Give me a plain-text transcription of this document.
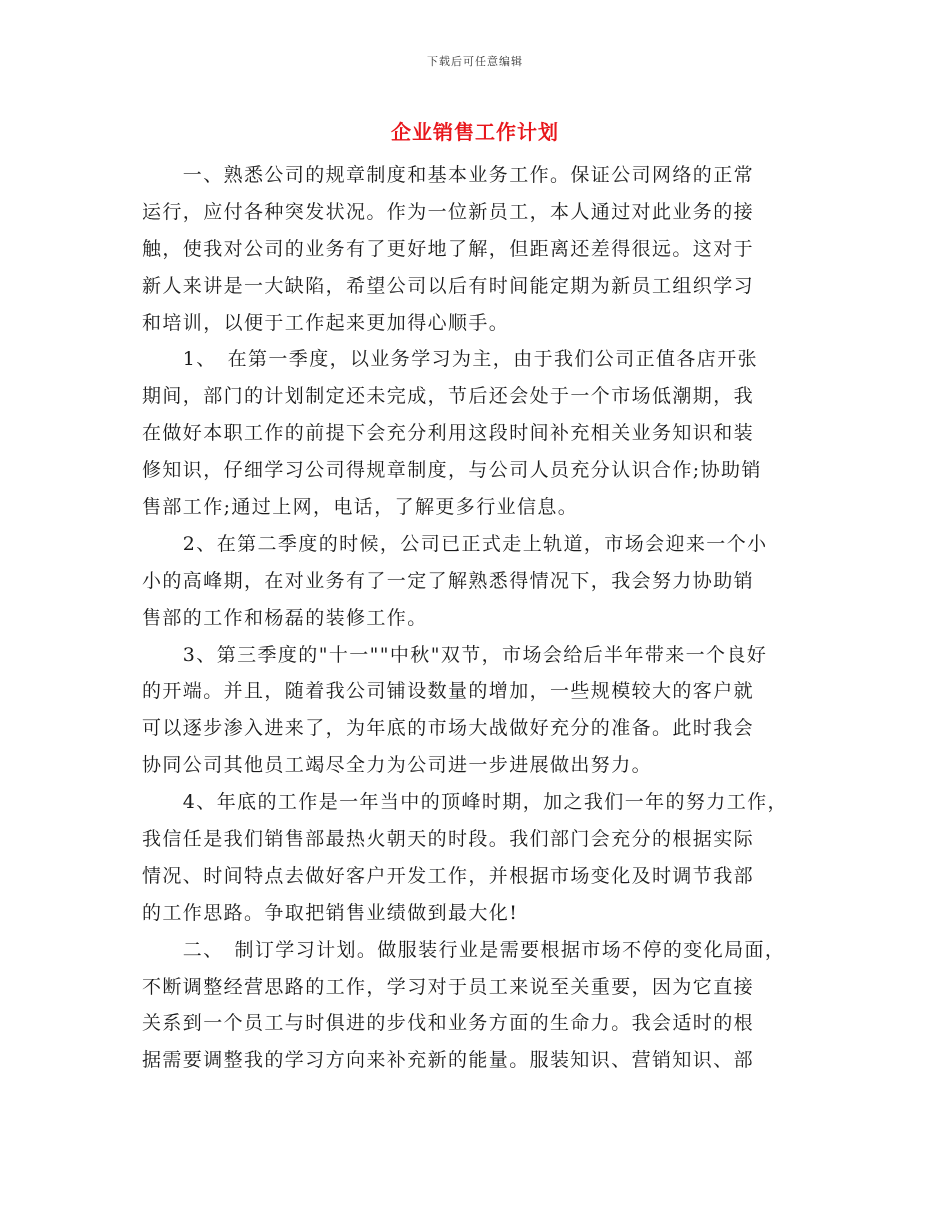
下载后可任意编辑
企业销售工作计划
　　一、熟悉公司的规章制度和基本业务工作。保证公司网络的正常
运行，应付各种突发状况。作为一位新员工，本人通过对此业务的接
触，使我对公司的业务有了更好地了解，但距离还差得很远。这对于
新人来讲是一大缺陷，希望公司以后有时间能定期为新员工组织学习
和培训，以便于工作起来更加得心顺手。
　　1、　在第一季度，以业务学习为主，由于我们公司正值各店开张
期间，部门的计划制定还未完成，节后还会处于一个市场低潮期，我
在做好本职工作的前提下会充分利用这段时间补充相关业务知识和装
修知识，仔细学习公司得规章制度，与公司人员充分认识合作;协助销
售部工作;通过上网，电话，了解更多行业信息。
　　2、在第二季度的时候，公司已正式走上轨道，市场会迎来一个小
小的高峰期，在对业务有了一定了解熟悉得情况下，我会努力协助销
售部的工作和杨磊的装修工作。
　　3、第三季度的"十一""中秋"双节，市场会给后半年带来一个良好
的开端。并且，随着我公司铺设数量的增加，一些规模较大的客户就
可以逐步渗入进来了，为年底的市场大战做好充分的准备。此时我会
协同公司其他员工竭尽全力为公司进一步进展做出努力。
　　4、年底的工作是一年当中的顶峰时期，加之我们一年的努力工作，
我信任是我们销售部最热火朝天的时段。我们部门会充分的根据实际
情况、时间特点去做好客户开发工作，并根据市场变化及时调节我部
的工作思路。争取把销售业绩做到最大化!
　　二、　制订学习计划。做服装行业是需要根据市场不停的变化局面，
不断调整经营思路的工作，学习对于员工来说至关重要，因为它直接
关系到一个员工与时俱进的步伐和业务方面的生命力。我会适时的根
据需要调整我的学习方向来补充新的能量。服装知识、营销知识、部
